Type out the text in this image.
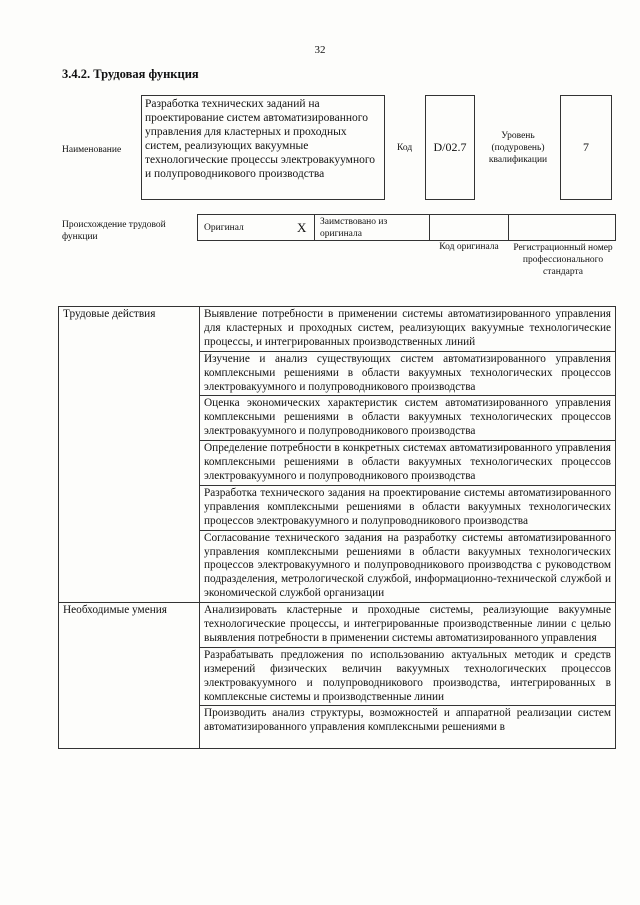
32
3.4.2. Трудовая функция
Наименование
Разработка технических заданий на проектирование систем автоматизированного управления для кластерных и проходных систем, реализующих вакуумные технологические процессы электровакуумного и полупроводникового производства
Код D/02.7
Уровень (подуровень) квалификации
7
Происхождение трудовой функции
Оригинал	X Заимствовано из оригинала
Код оригинала	Регистрационный номер профессионального стандарта
Трудовые действия	Выявление потребности в применении системы автоматизированного управления для кластерных и проходных систем, реализующих вакуумные технологические процессы, и интегрированных производственных линий
	Изучение и анализ существующих систем автоматизированного управления комплексными решениями в области вакуумных технологических процессов электровакуумного и полупроводникового производства
	Оценка экономических характеристик систем автоматизированного управления комплексными решениями в области вакуумных технологических процессов электровакуумного и полупроводникового производства
	Определение потребности в конкретных системах автоматизированного управления комплексными решениями в области вакуумных технологических процессов электровакуумного и полупроводникового производства
	Разработка технического задания на проектирование системы автоматизированного управления комплексными решениями в области вакуумных технологических процессов электровакуумного и полупроводникового производства
	Согласование технического задания на разработку системы автоматизированного управления комплексными решениями в области вакуумных технологических процессов электровакуумного и полупроводникового производства с руководством подразделения, метрологической службой, информационно-технической службой и экономической службой организации
Необходимые умения	Анализировать кластерные и проходные системы, реализующие вакуумные технологические процессы, и интегрированные производственные линии с целью выявления потребности в применении системы автоматизированного управления
	Разрабатывать предложения по использованию актуальных методик и средств измерений физических величин вакуумных технологических процессов электровакуумного и полупроводникового производства, интегрированных в комплексные системы и производственные линии

	Производить анализ структуры, возможностей и аппаратной реализации систем автоматизированного управления комплексными решениями в
